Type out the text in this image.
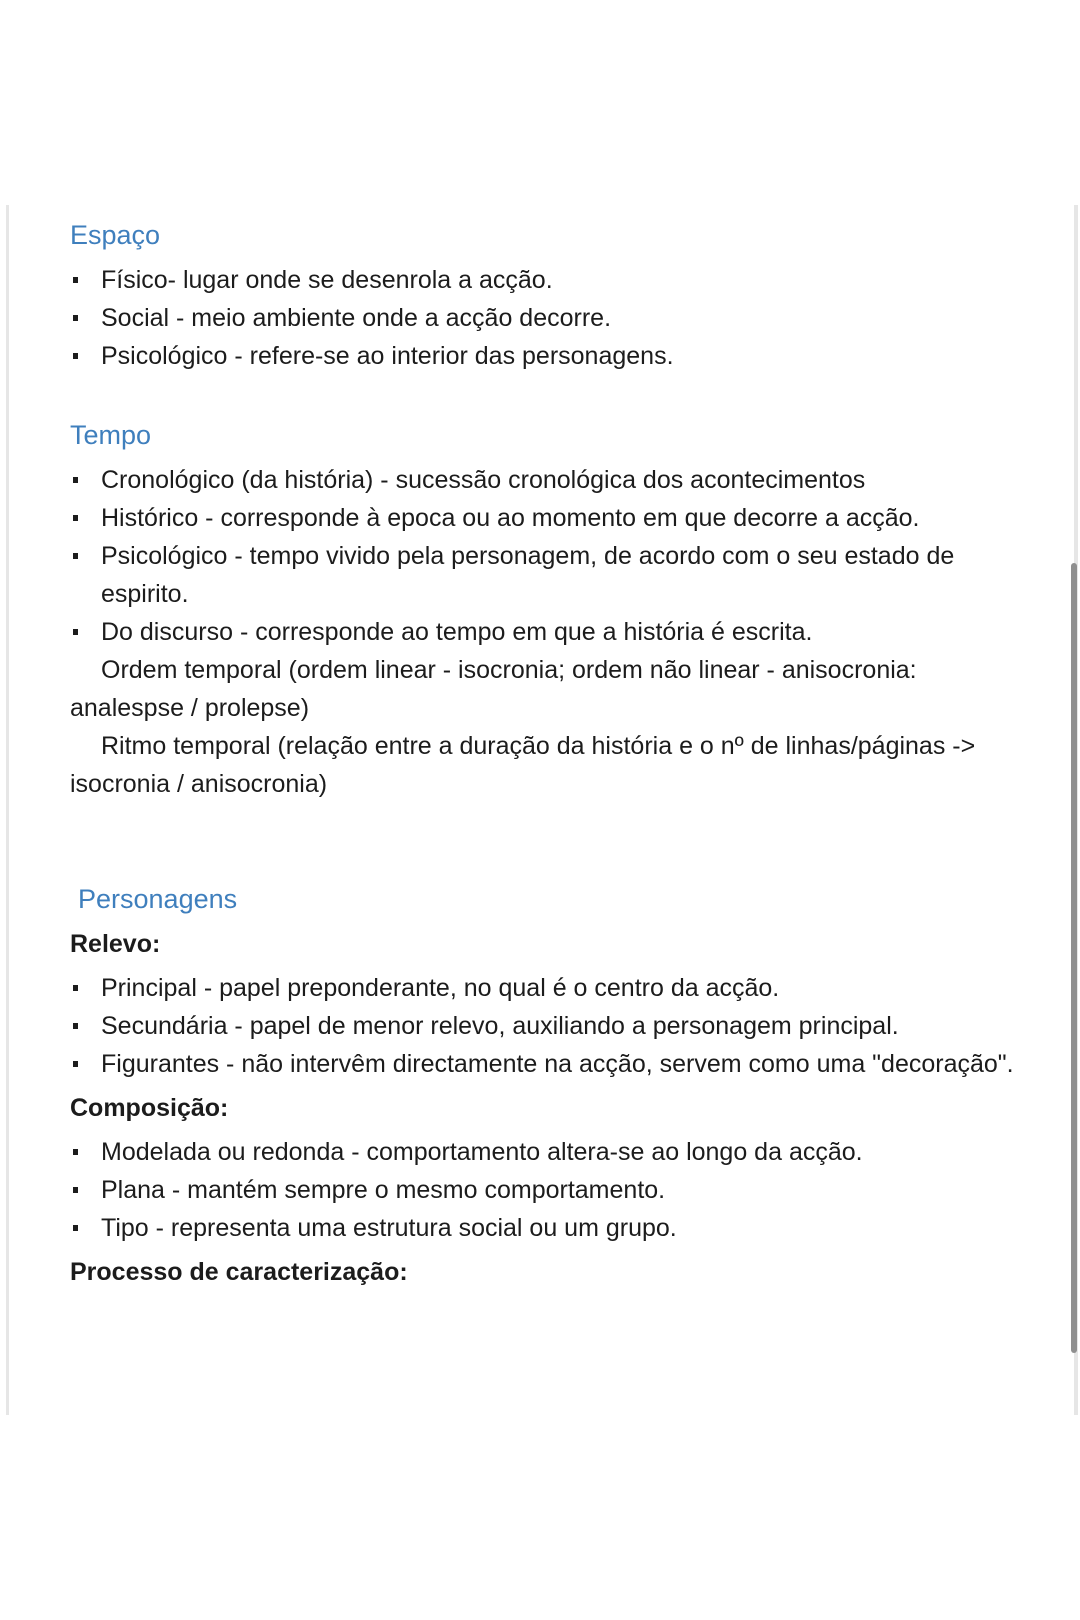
Espaço
Físico- lugar onde se desenrola a acção.
Social - meio ambiente onde a acção decorre.
Psicológico - refere-se ao interior das personagens.
Tempo
Cronológico (da história) - sucessão cronológica dos acontecimentos
Histórico - corresponde à epoca ou ao momento em que decorre a acção.
Psicológico - tempo vivido pela personagem, de acordo com o seu estado de espirito.
Do discurso - corresponde ao tempo em que a história é escrita.
Ordem temporal (ordem linear - isocronia; ordem não linear - anisocronia: analespse / prolepse)
Ritmo temporal (relação entre a duração da história e o nº de linhas/páginas -> isocronia / anisocronia)
Personagens
Relevo:
Principal - papel preponderante, no qual é o centro da acção.
Secundária - papel de menor relevo, auxiliando a personagem principal.
Figurantes - não intervêm directamente na acção, servem como uma "decoração".
Composição:
Modelada ou redonda - comportamento altera-se ao longo da acção.
Plana - mantém sempre o mesmo comportamento.
Tipo - representa uma estrutura social ou um grupo.
Processo de caracterização:
